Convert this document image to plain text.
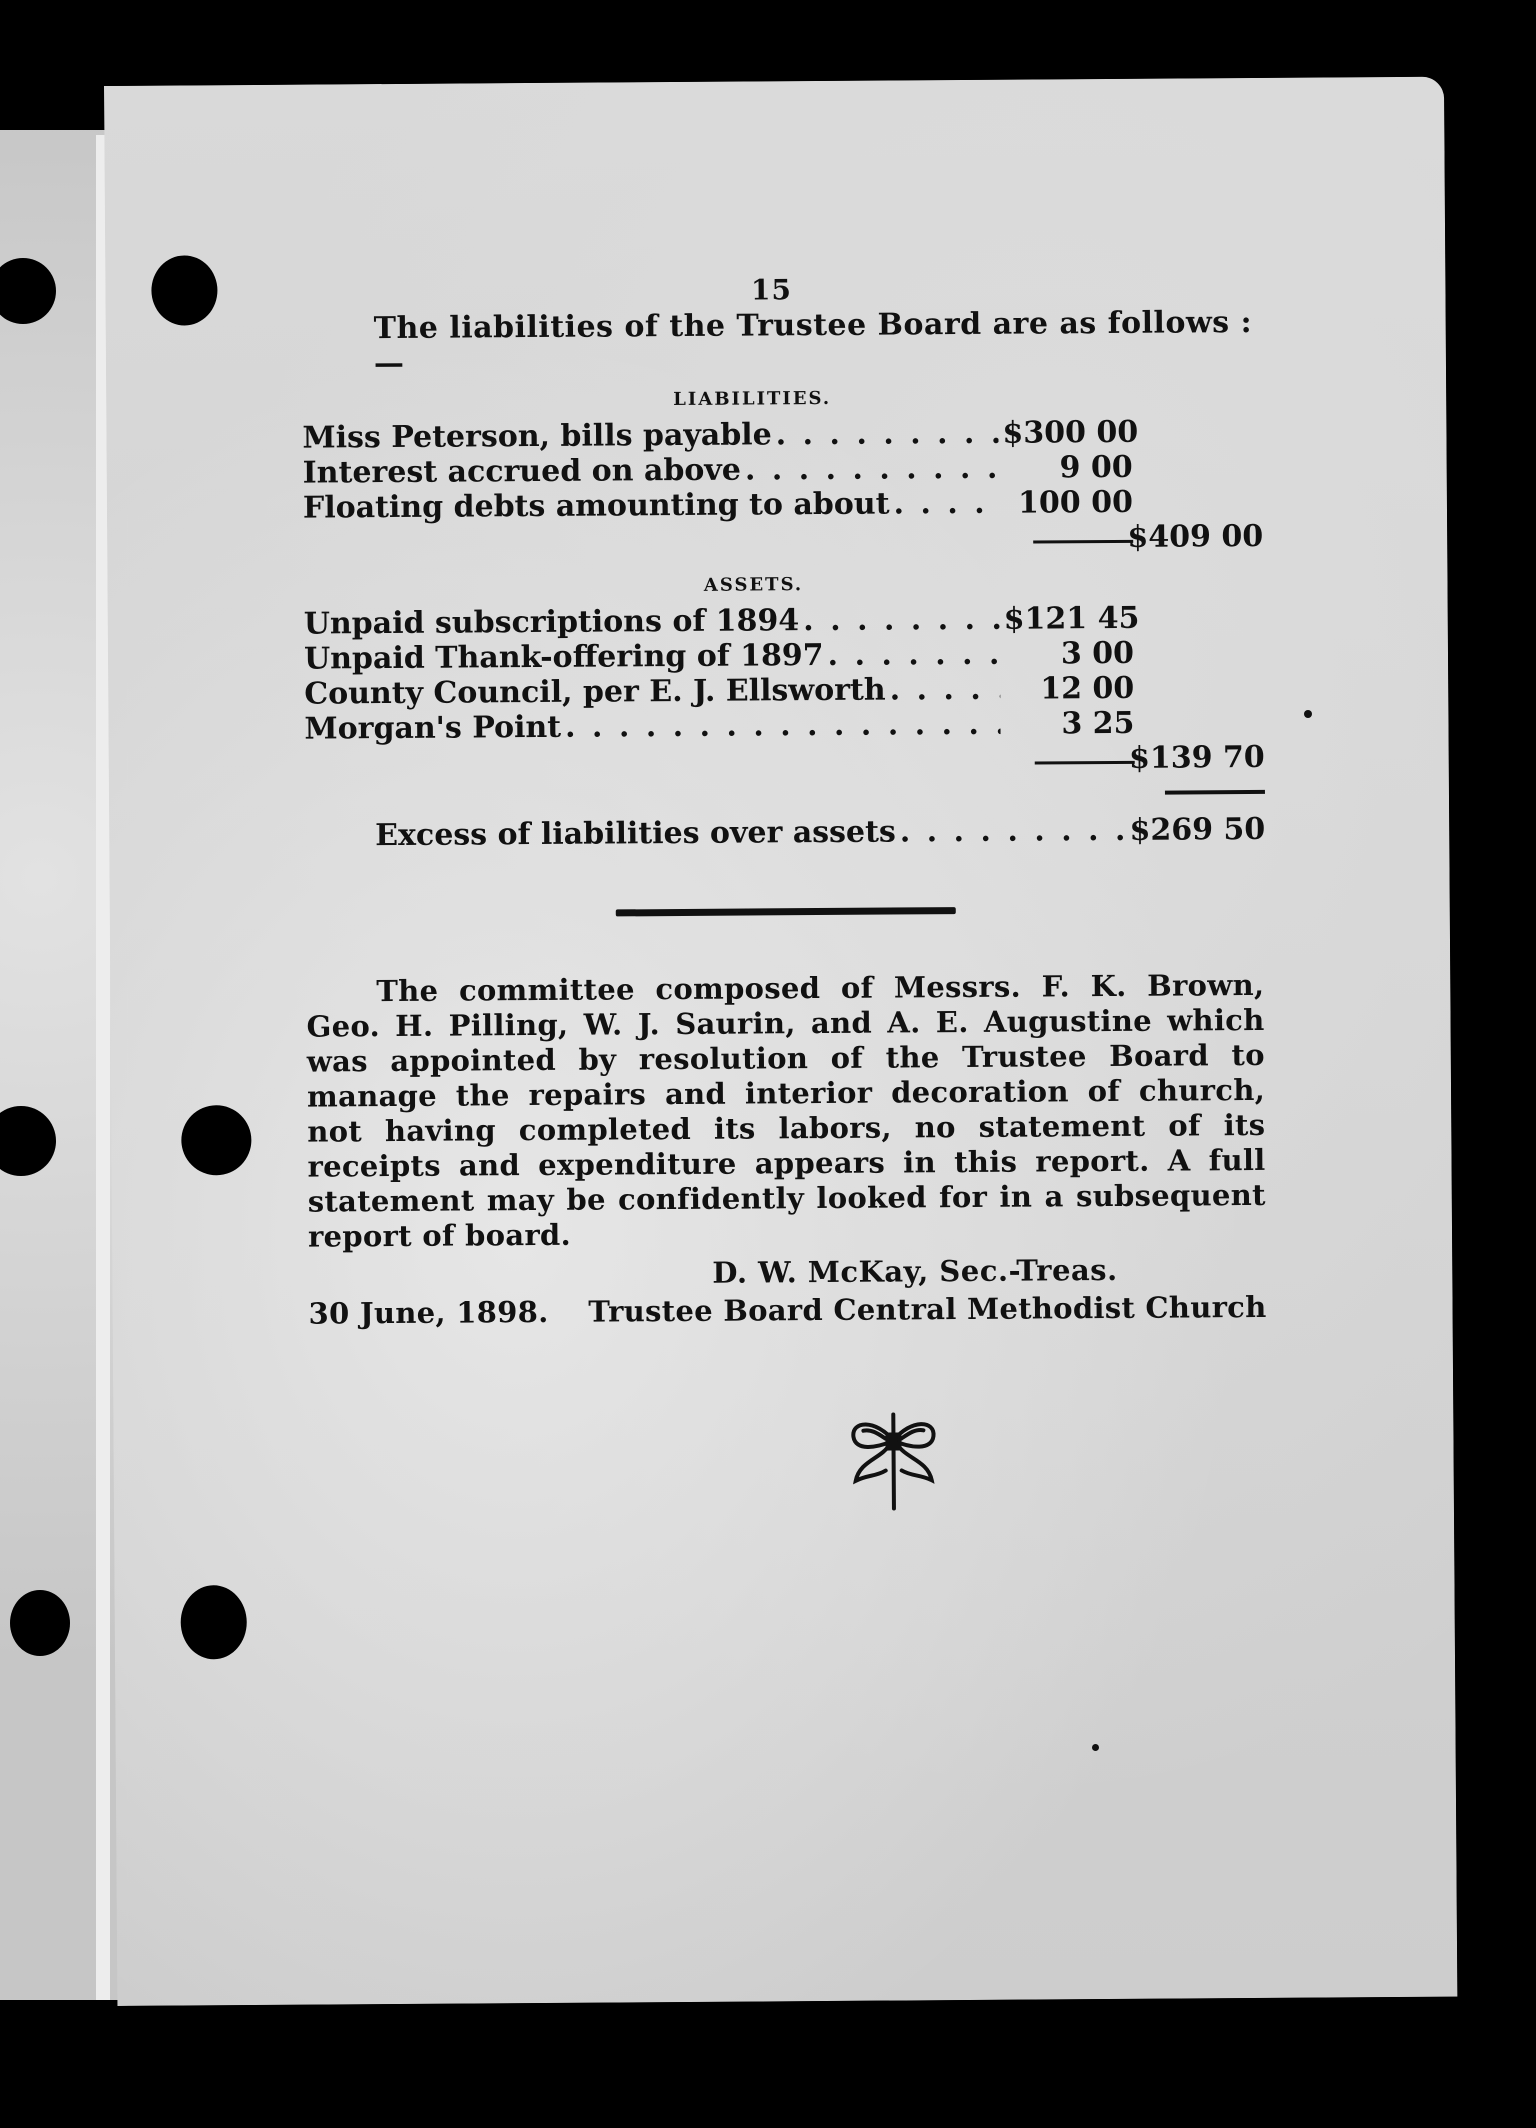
15
The liabilities of the Trustee Board are as follows :—
LIABILITIES.
Miss Peterson, bills payable . . .	$300 00
Interest accrued on above . . .	9 00
Floating debts amounting to about . . .	100 00
$409 00
ASSETS.
Unpaid subscriptions of 1894 . . .	$121 45
Unpaid Thank-offering of 1897 . . .	3 00
County Council, per E. J. Ellsworth . . .	12 00
Morgan's Point . . .	3 25
$139 70
Excess of liabilities over assets . . .	$269 50
The committee composed of Messrs. F. K. Brown, Geo. H. Pilling, W. J. Saurin, and A. E. Augustine which was appointed by resolution of the Trustee Board to manage the repairs and interior decoration of church, not having completed its labors, no statement of its receipts and expenditure appears in this report. A full statement may be confidently looked for in a subsequent report of board.
D. W. McKay, Sec.-Treas.
30 June, 1898. Trustee Board Central Methodist Church
